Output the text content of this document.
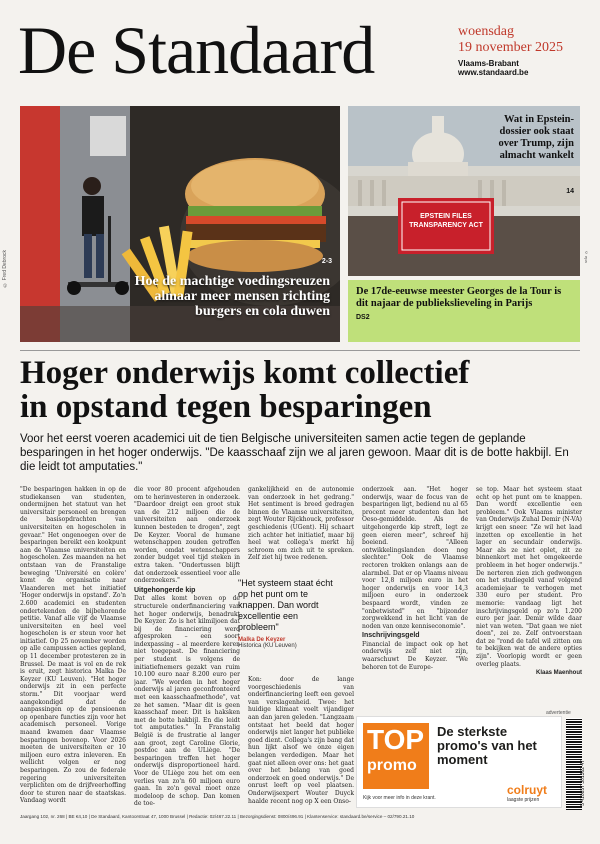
De Standaard	woensdag
19 november 2025
Vlaams-Brabant
www.standaard.be
© Fred Debrock	2-3
Hoe de machtige voedingsreuzen almaar meer mensen richting burgers en cola duwen
EPSTEIN FILES
TRANSPARENCY ACT
Wat in Epstein-dossier ook staat over Trump, zijn almacht wankelt
14
© epa
De 17de-eeuwse meester Georges de la Tour is dit najaar de publiekslieveling in Parijs
DS2
Hoger onderwijs komt collectief
in opstand tegen besparingen
Voor het eerst voeren academici uit de tien Belgische universiteiten samen actie tegen de geplande besparingen in het hoger onderwijs. "De kaasschaaf zijn we al jaren gewoon. Maar dit is de botte hakbijl. En die leidt tot amputaties."

"De besparingen hakken in op de studiekansen van studenten, ondermijnen het statuut van het universitair personeel en brengen de basisopdrachten van universiteiten en hogescholen in gevaar." Het ongenoegen over de besparingen bereikt een kookpunt aan de Vlaamse universiteiten en hogescholen. Zes maanden na het ontstaan van de Franstalige beweging 'Université en colère' komt de organisatie naar Vlaanderen met het initiatief 'Hoger onderwijs in opstand'. Zo'n 2.600 academici en studenten ondertekenden de bijbehorende petitie. Vanaf alle vijf de Vlaamse universiteiten en heel veel hogescholen is er steun voor het initiatief. Op 25 november worden op alle campussen acties gepland, op 11 december protesteren ze in Brussel. De maat is vol en de rek is eruit, zegt historica Malka De Keyzer (KU Leuven). "Het hoger onderwijs zit in een perfecte storm." Dit voorjaar werd aangekondigd dat de aanpassingen op de pensioenen op openbare functies zijn voor het academisch personeel. Vorige maand kwamen daar Vlaamse besparingen bovenop. Voor 2026 moeten de universiteiten er 10 miljoen euro extra inleveren. En wellicht volgen er nog besparingen. Zo zou de federale regering universiteiten verplichten om de drijfveerhoffing door te sturen naar de staatskas. Vandaag wordt

die voor 80 procent afgehouden om te herinvesteren in onderzoek. "Daardoor dreigt een groot stuk van de 212 miljoen die de universiteiten aan onderzoek kunnen besteden te drogen", zegt De Keyzer. Vooral de humane wetenschappen zouden getroffen worden, omdat wetenschappers zonder budget veel tijd steken in extra taken. "Ondertussen blijft dat onderzoek essentieel voor alle onderzoekers."

Uitgehongerde kip

Dat alles komt boven op de structurele onderfinanciering van het hoger onderwijs, benadrukt De Keyzer. Zo is het kilmiljoen dat bij de financiering werd afgesproken – een soort indexpassing – al meerdere keren niet toegepast. De financiering per student is volgens de initiatiefnemers gezakt van ruim 10.100 euro naar 8.200 euro per jaar. "We worden in het hoger onderwijs al jaren geconfronteerd met een kaasschaafmethode", vat ze het samen. "Maar dit is geen kaasschaaf meer. Dit is haksken met de botte hakbijl. En die leidt tot amputaties." In Franstalig België is de frustratie al langer aan groot, zegt Caroline Glorie, postdoc aan de ULiège. "De besparingen treffen het hoger onderwijs disproportioneel hard. Voor de ULiège zou het om een verlies van zo'n 60 miljoen euro gaan. In zo'n geval moet onze modeloop de schop. Dan komen de toe-

gankelijkheid en de autonomie van onderzoek in het gedrang." Het sentiment is breed gedragen binnen de Vlaamse universiteiten, zegt Wouter Rijckhouck, professor geschiedenis (UGent). Hij schaart zich achter het initiatief, maar bij heel wat collega's merkt hij schroom om zich uit te spreken. Zelf ziet hij twee redenen.

Kon: door de lange voorgeschiedenis van onderfinanciering leeft een gevoel van verslagenheid. Twee: het huidige klimaat voelt vijandiger aan dan jaren geleden. "Langzaam ontstaat het beeld dat hoger onderwijs niet langer het publieke goed dient. Collega's zijn bang dat hun lijkt alsof we onze eigen belangen verdedigen. Maar het gaat niet alleen over ons: het gaat over het belang van goed onderzoek en goed onderwijs." De onrust leeft op veel plaatsen. Onderwijsexpert Wouter Duyck haalde recent nog op X een Onso-

onderzoek aan. "Het hoger onderwijs, waar de focus van de besparingen ligt, bediend nu al 65 procent meer studenten dan het Oeso-gemiddelde. Als de uitgehongerde kip streft, legt ze geen eieren meer", schreef hij boeiend. "Alleen ontwikkelingslanden doen nog slechter." Ook de Vlaamse rectoren trokken onlangs aan de alarmbel. Dat er op Vlaams niveau voor 12,8 miljoen euro in het hoger onderwijs en voor 14,3 miljoen euro in onderzoek bespaard wordt, vinden ze "onbetwisted" en "bijzonder zorgwekkend in het licht van de noden van onze kenniseconomie".

Inschrijvingsgeld

Financial de impact ook op het onderwijs zelf niet zijn, waarschuwt De Keyzer. "We behoren tot de Europe-

se top. Maar het systeem staat echt op het punt om te knappen. Dan wordt excellentie een probleem." Ook Vlaams minister van Onderwijs Zuhal Demir (N-VA) krijgt een sneer. "Ze wil het laad inzetten op excellentie in het lager en secundair onderwijs. Maar als ze niet oplet, zit ze binnenkort met het omgekeerde probleem in het hoger onderwijs." De nerteren zien zich gedwongen om het studiegeld vanaf volgend academiejaar te verhogen met 330 euro per student. Pro memorie: vandaag ligt het inschrijvingsgeld op zo'n 1.200 euro per jaar. Demir wilde daar niet van weten. "Dat gaan we niet doen", zei ze. Zelf ontvoerstaan dat ze "rond de tafel wil zitten om te bekijken wat de andere opties zijn". Voorlopig wordt er geen overleg plaats.

Klaas Maenhout
"Het systeem staat écht op het punt om te knappen. Dan wordt excellentie een probleem"
Malka De Keyzer
Historica (KU Leuven)
advertentie
TOP
promo
De sterkste promo's van het moment
Kijk voor meer info in deze krant.
colruyt
laagste prijzen	5 410857 301362 47
Jaargang 102, nr. 268 | BE €4,10 | De Standaard, Kantoorstraat 47, 1000 Brussel | Redactie: 02/467.22.11 | Bezorgingsdienst: 0800/496.91 | Klantenservice: standaard.be/service – 02/790.21.10
